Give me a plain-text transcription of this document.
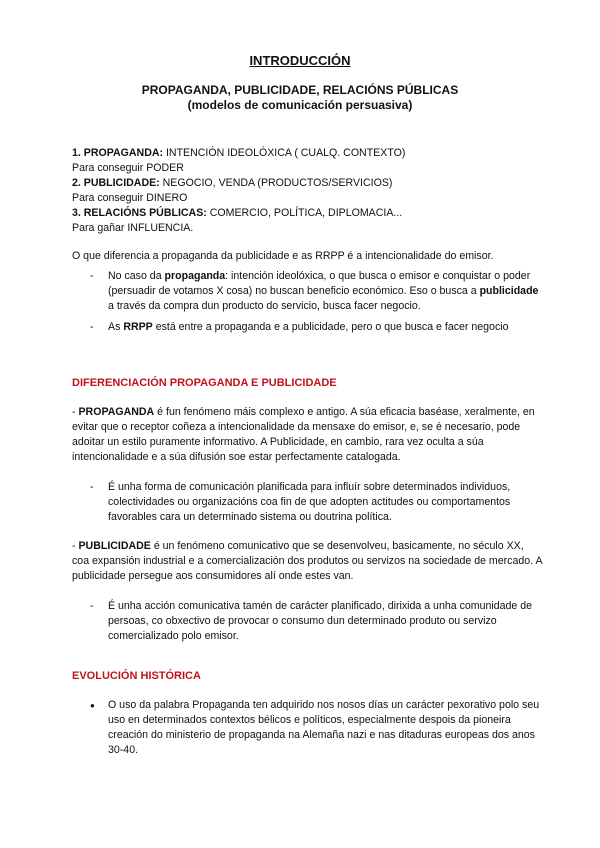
INTRODUCCIÓN
PROPAGANDA, PUBLICIDADE, RELACIÓNS PÚBLICAS
(modelos de comunicación persuasiva)

1. PROPAGANDA: INTENCIÓN IDEOLÓXICA ( CUALQ. CONTEXTO)

Para conseguir PODER

2. PUBLICIDADE: NEGOCIO, VENDA (PRODUCTOS/SERVICIOS)

Para conseguir DINERO

3. RELACIÓNS PÚBLICAS: COMERCIO, POLÍTICA, DIPLOMACIA...

Para gañar INFLUENCIA.

O que diferencia a propaganda da publicidade e as RRPP é a intencionalidade do emisor.
- No caso da propaganda: intención ideolóxica, o que busca o emisor e conquistar o poder (persuadir de votamos X cosa) no buscan beneficio económico. Eso o busca a publicidade a través da compra dun producto do servicio, busca facer negocio.
- As RRPP está entre a propaganda e a publicidade, pero o que busca e facer negocio
DIFERENCIACIÓN PROPAGANDA E PUBLICIDADE
- PROPAGANDA é fun fenómeno máis complexo e antigo. A súa eficacia baséase, xeralmente, en evitar que o receptor coñeza a intencionalidade da mensaxe do emisor, e, se é necesario, pode adoitar un estilo puramente informativo. A Publicidade, en cambio, rara vez oculta a súa intencionalidade e a súa difusión soe estar perfectamente catalogada.
- É unha forma de comunicación planificada para influír sobre determinados individuos, colectividades ou organizacións coa fin de que adopten actitudes ou comportamentos favorables cara un determinado sistema ou doutrina política.
- PUBLICIDADE é un fenómeno comunicativo que se desenvolveu, basicamente, no século XX, coa expansión industrial e a comercialización dos produtos ou servizos na sociedade de mercado. A publicidade persegue aos consumidores alí onde estes van.
- É unha acción comunicativa tamén de carácter planificado, dirixida a unha comunidade de persoas, co obxectivo de provocar o consumo dun determinado produto ou servizo comercializado polo emisor.
EVOLUCIÓN HISTÓRICA
● O uso da palabra Propaganda ten adquirido nos nosos días un carácter pexorativo polo seu uso en determinados contextos bélicos e políticos, especialmente despois da pioneira creación do ministerio de propaganda na Alemaña nazi e nas ditaduras europeas dos anos 30-40.
